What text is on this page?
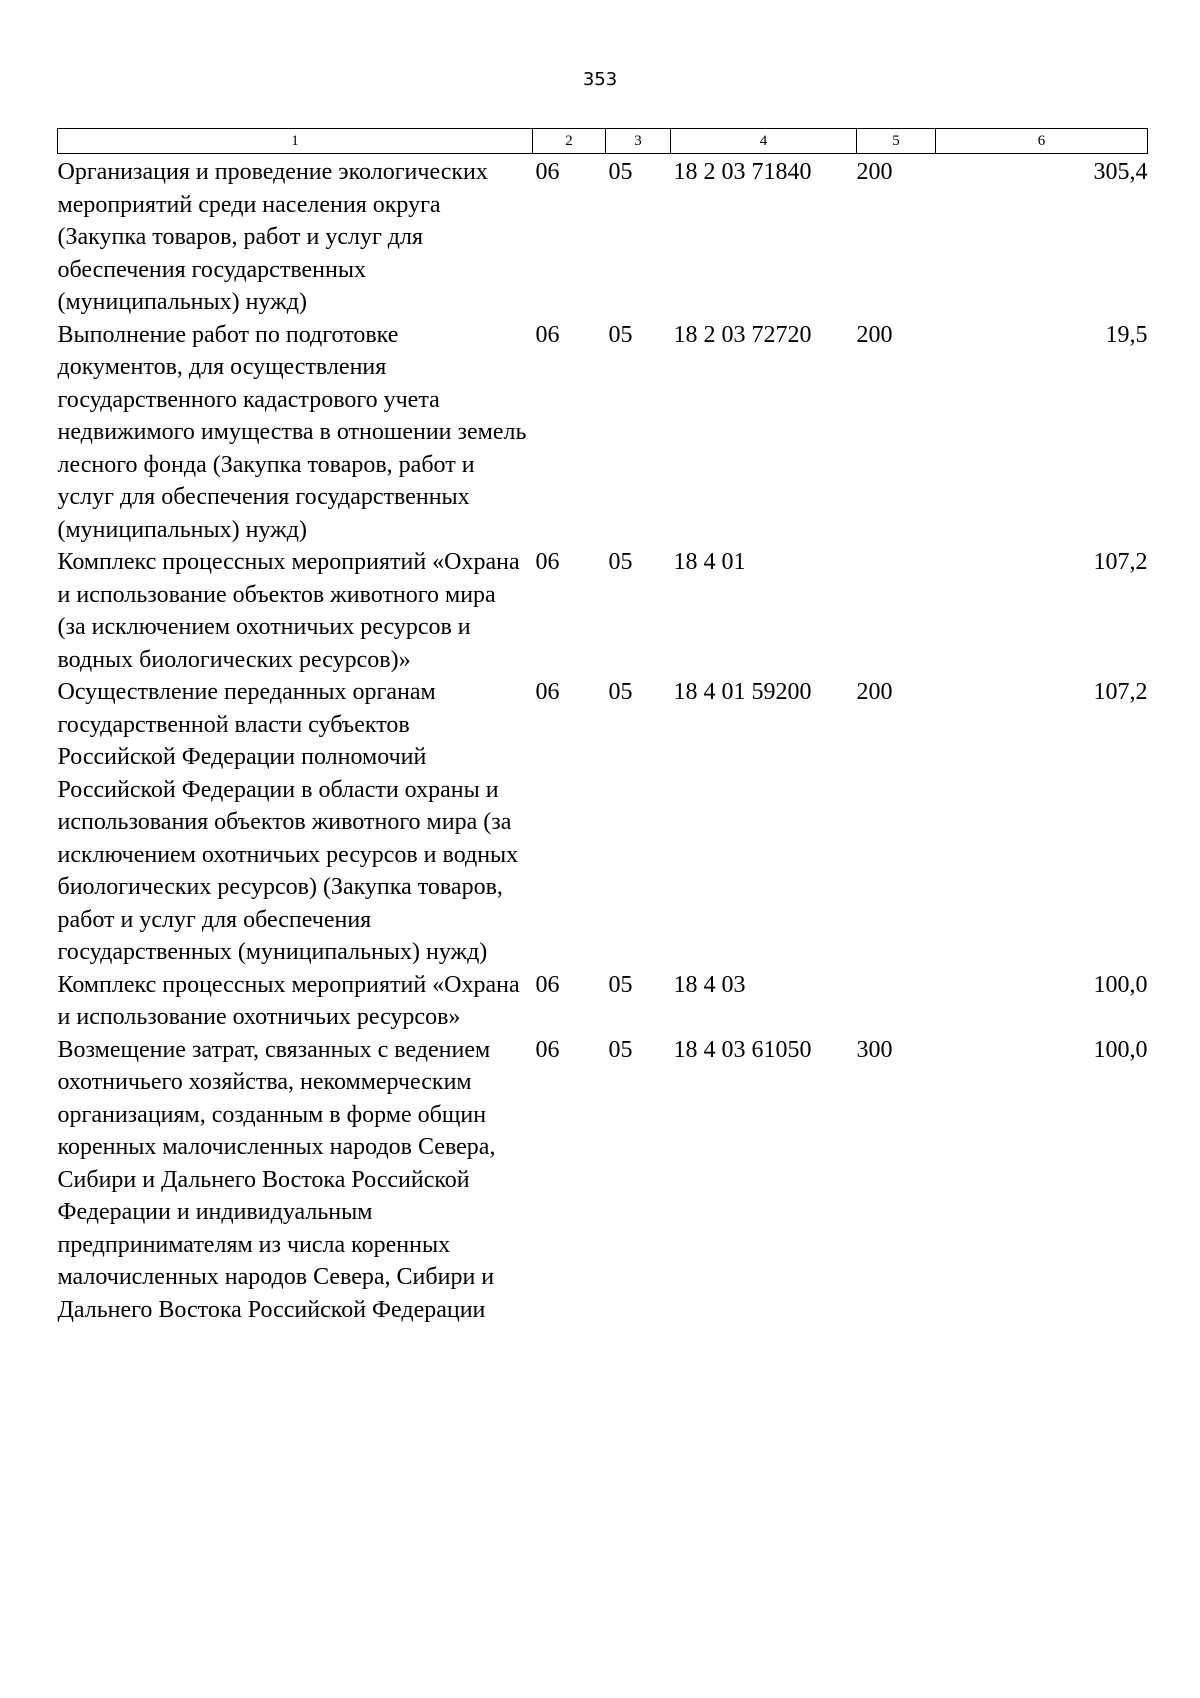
353
1	2	3	4	5	6
Организация и проведение экологических мероприятий среди населения округа (Закупка товаров, работ и услуг для обеспечения государственных (муниципальных) нужд)	06	05	18 2 03 71840	200	305,4
Выполнение работ по подготовке документов, для осуществления государственного кадастрового учета недвижимого имущества в отношении земель лесного фонда (Закупка товаров, работ и услуг для обеспечения государственных (муниципальных) нужд)	06	05	18 2 03 72720	200	19,5
Комплекс процессных мероприятий «Охрана и использование объектов животного мира (за исключением охотничьих ресурсов и водных биологических ресурсов)»	06	05	18 4 01		107,2
Осуществление переданных органам государственной власти субъектов Российской Федерации полномочий Российской Федерации в области охраны и использования объектов животного мира (за исключением охотничьих ресурсов и водных биологических ресурсов) (Закупка товаров, работ и услуг для обеспечения государственных (муниципальных) нужд)	06	05	18 4 01 59200	200	107,2
Комплекс процессных мероприятий «Охрана и использование охотничьих ресурсов»	06	05	18 4 03		100,0
Возмещение затрат, связанных с ведением охотничьего хозяйства, некоммерческим организациям, созданным в форме общин коренных малочисленных народов Севера, Сибири и Дальнего Востока Российской Федерации и индивидуальным предпринимателям из числа коренных малочисленных народов Севера, Сибири и Дальнего Востока Российской Федерации	06	05	18 4 03 61050	300	100,0
